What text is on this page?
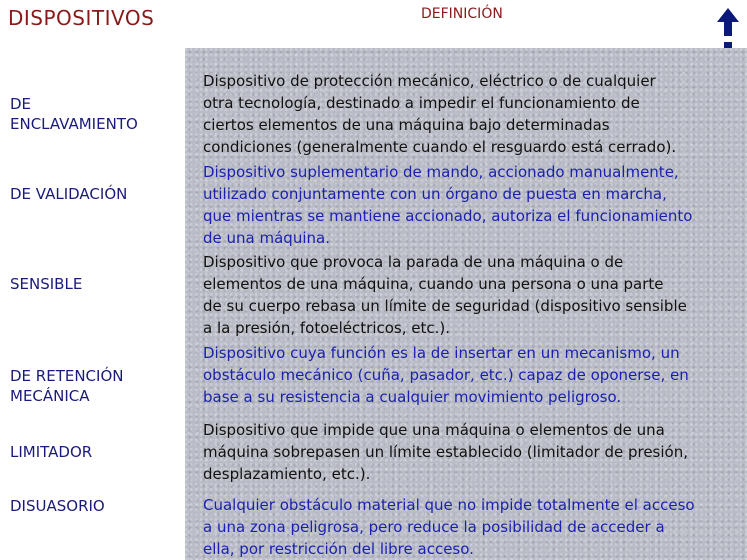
DISPOSITIVOS	DEFINICIÓN
DE
ENCLAVAMIENTO
Dispositivo de protección mecánico, eléctrico o de cualquier
otra tecnología, destinado a impedir el funcionamiento de
ciertos elementos de una máquina bajo determinadas
condiciones (generalmente cuando el resguardo está cerrado).
DE VALIDACIÓN
Dispositivo suplementario de mando, accionado manualmente,
utilizado conjuntamente con un órgano de puesta en marcha,
que mientras se mantiene accionado, autoriza el funcionamiento
de una máquina.
SENSIBLE
Dispositivo que provoca la parada de una máquina o de
elementos de una máquina, cuando una persona o una parte
de su cuerpo rebasa un límite de seguridad (dispositivo sensible
a la presión, fotoeléctricos, etc.).
DE RETENCIÓN
MECÁNICA
Dispositivo cuya función es la de insertar en un mecanismo, un
obstáculo mecánico (cuña, pasador, etc.) capaz de oponerse, en
base a su resistencia a cualquier movimiento peligroso.
LIMITADOR
Dispositivo que impide que una máquina o elementos de una
máquina sobrepasen un límite establecido (limitador de presión,
desplazamiento, etc.).
DISUASORIO	Cualquier obstáculo material que no impide totalmente el acceso
a una zona peligrosa, pero reduce la posibilidad de acceder a
ella, por restricción del libre acceso.
